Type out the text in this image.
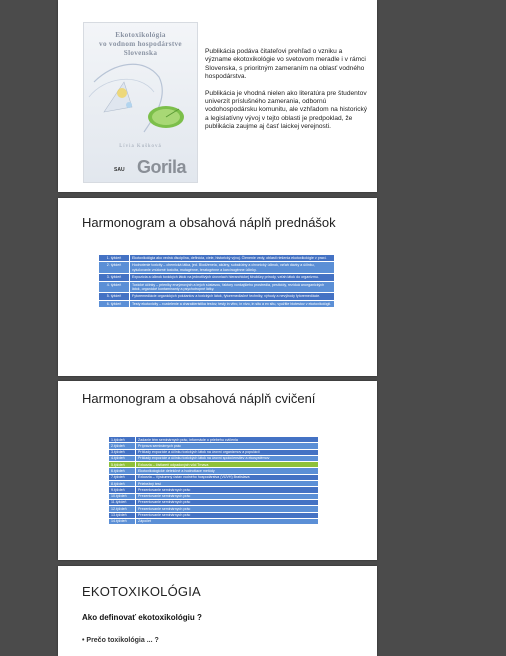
Ekotoxikológia
vo vodnom hospodárstve
Slovenska
Lívia Kušková
SAU Gorila

Publikácia podáva čitateľovi prehľad o vzniku a význame ekotoxikológie vo svetovom meradle i v rámci Slovenska, s prioritným zameraním na oblasť vodného hospodárstva.

Publikácia je vhodná nielen ako literatúra pre študentov univerzít príslušného zamerania, odbornú vodohospodársku komunitu, ale vzhľadom na historický a legislatívny vývoj v tejto oblasti je predpoklad, že publikácia zaujme aj časť laickej verejnosti.

Harmonogram a obsahová náplň prednášok
1. týždeň	Ekotoxikológia ako vedná disciplína, definícia, ciele, historický vývoj. Členenie vedy, oblasti riešenia ekotoxikológie v praxi.
2. týždeň	Hodnotenie toxicity – chemická látka, jed. Biodženeia, akútny, subakútny a chronický účinok, vzťah dávky a účinku, vylučovanie vnútorné toxicita, mutagénne, teratogénne a karcinogénne účinky.
3. týždeň	Expozícia a účinok toxických látok na jednotlivých úrovniach hierarchickej štruktúry prírody, vzťah látok do organizmu.
4. týždeň	Toxické účinky – prieniky enzýmových a iných sústavou, faktory vonkajšieho prostredia, pesticídy, rezíduá anorganických látok, organické kontaminanty a psychotropné látky.
5. týždeň	Fytoremediácie organických polutantov a toxických látok, fytoremediačné techniky, výhody a nevýhody fytoremediácie.
6. týždeň	Testy ekotoxicity – rozdelenie a charakteristika testov, testy in vitro, in vivo, in situ a ex situ, využitie biotestov v ekotoxikológii.
Harmonogram a obsahová náplň cvičení
1.týždeň	Zadanie tém seminárnych prác, informácie o priebehu cvičenia
2.týždeň	Príprava seminárnych prác
3.týždeň	Príklady expozície a účinku toxických látok na úrovni organizmov a populácií
4.týždeň	Príklady expozície a účinku toxických látok na úrovni spoločenstiev a ekosystémov
5.týždeň	Exkurzia – čistiareň odpadových vôd Trnava
6.týždeň	Ekotoxikologické detekčné a hodnotiace metódy
7.týždeň	Exkurzia – Výskumný ústav vodného hospodárstva (VÚVH) Bratislava
8.týždeň	Priebežný test
9.týždeň	Prezentovanie seminárnych prác
10.týždeň	Prezentovanie seminárnych prác
11.týždeň	Prezentovanie seminárnych prác
12.týždeň	Prezentovanie seminárnych prác
13.týždeň	Prezentovanie seminárnych prác
14.týždeň	Zápočet
EKOTOXIKOLÓGIA
Ako definovať ekotoxikológiu ?
• Prečo toxikológia ... ?
